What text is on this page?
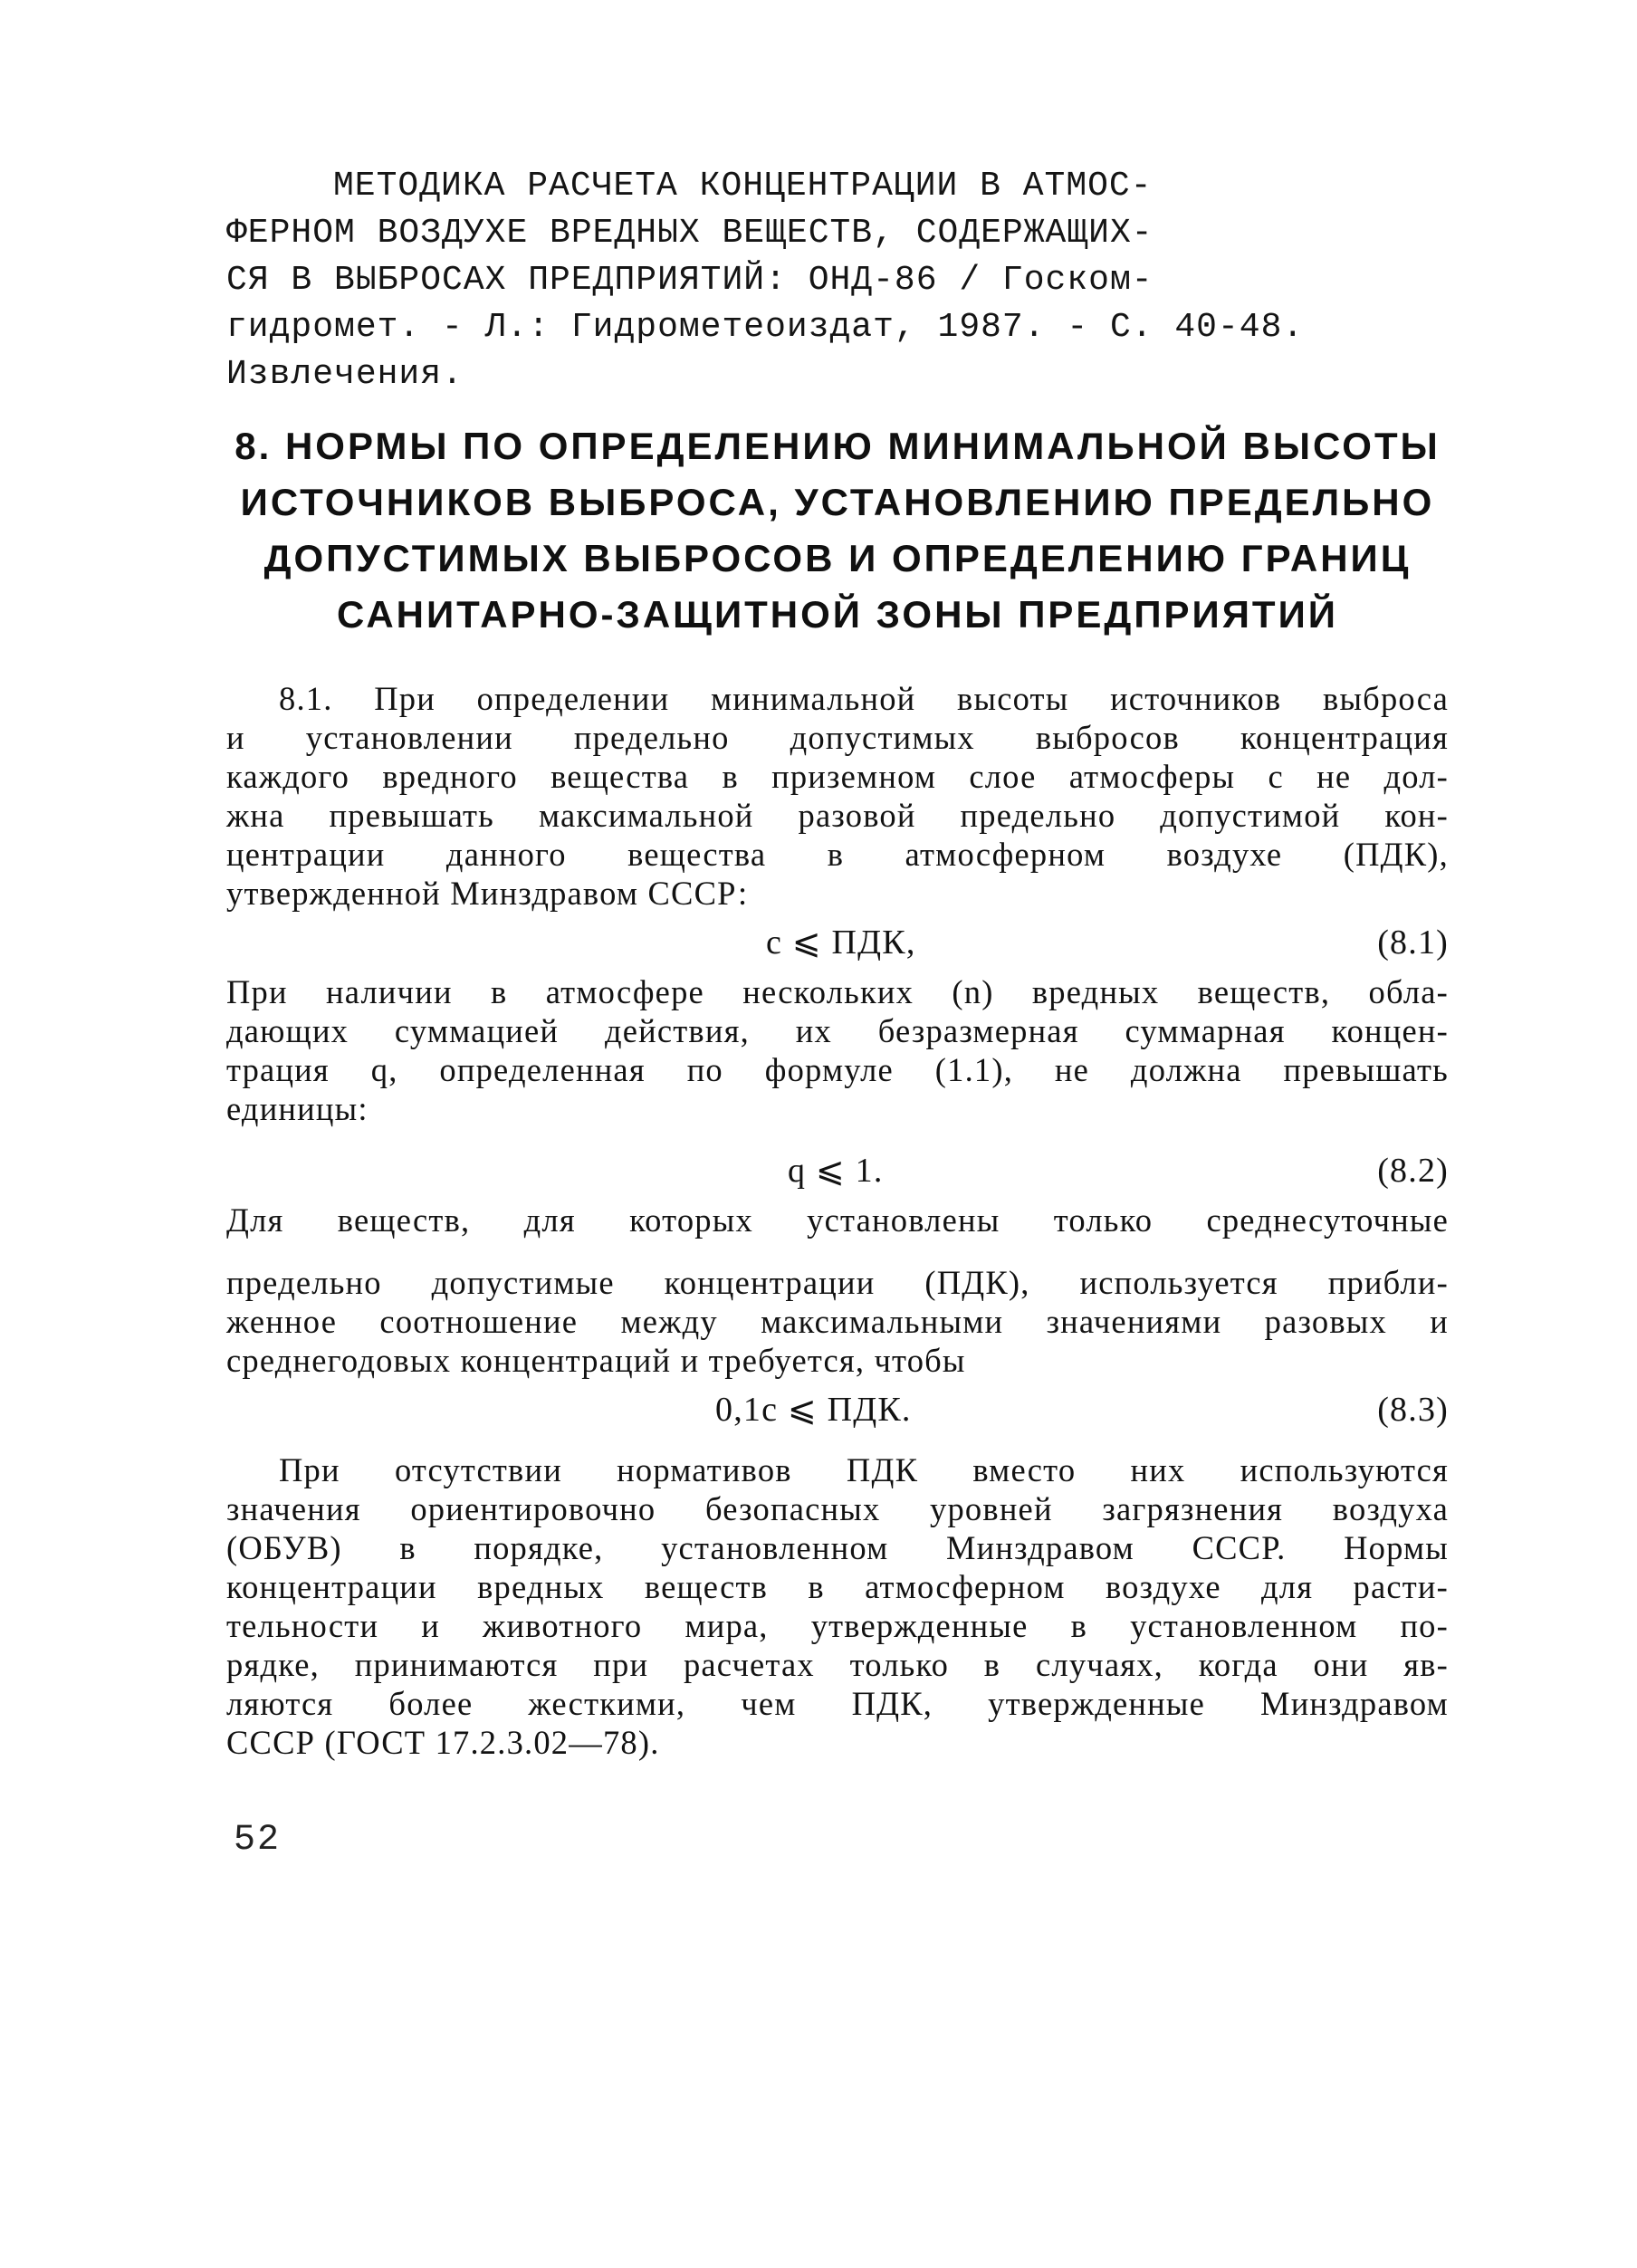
МЕТОДИКА РАСЧЕТА КОНЦЕНТРАЦИИ В АТМОС-
ФЕРНОМ ВОЗДУХЕ ВРЕДНЫХ ВЕЩЕСТВ, СОДЕРЖАЩИХ-
СЯ В ВЫБРОСАХ ПРЕДПРИЯТИЙ: ОНД-86 / Госком-
гидромет. - Л.: Гидрометеоиздат, 1987. - С. 40-48.
Извлечения.
8. НОРМЫ ПО ОПРЕДЕЛЕНИЮ МИНИМАЛЬНОЙ ВЫСОТЫ
ИСТОЧНИКОВ ВЫБРОСА, УСТАНОВЛЕНИЮ ПРЕДЕЛЬНО
ДОПУСТИМЫХ ВЫБРОСОВ И ОПРЕДЕЛЕНИЮ ГРАНИЦ
САНИТАРНО-ЗАЩИТНОЙ ЗОНЫ ПРЕДПРИЯТИЙ
8.1. При определении минимальной высоты источников выброса
и установлении предельно допустимых выбросов концентрация
каждого вредного вещества в приземном слое атмосферы c не дол-
жна превышать максимальной разовой предельно допустимой кон-
центрации данного вещества в атмосферном воздухе (ПДК),
утвержденной Минздравом СССР:
c ⩽ ПДК,	(8.1)
При наличии в атмосфере нескольких (n) вредных веществ, обла-
дающих суммацией действия, их безразмерная суммарная концен-
трация q, определенная по формуле (1.1), не должна превышать
единицы:
q ⩽ 1.	(8.2)
Для веществ, для которых установлены только среднесуточные
предельно допустимые концентрации (ПДК), используется прибли-
женное соотношение между максимальными значениями разовых и
среднегодовых концентраций и требуется, чтобы
0,1c ⩽ ПДК.	(8.3)
При отсутствии нормативов ПДК вместо них используются
значения ориентировочно безопасных уровней загрязнения воздуха
(ОБУВ) в порядке, установленном Минздравом СССР. Нормы
концентрации вредных веществ в атмосферном воздухе для расти-
тельности и животного мира, утвержденные в установленном по-
рядке, принимаются при расчетах только в случаях, когда они яв-
ляются более жесткими, чем ПДК, утвержденные Минздравом
СССР (ГОСТ 17.2.3.02—78).
52
